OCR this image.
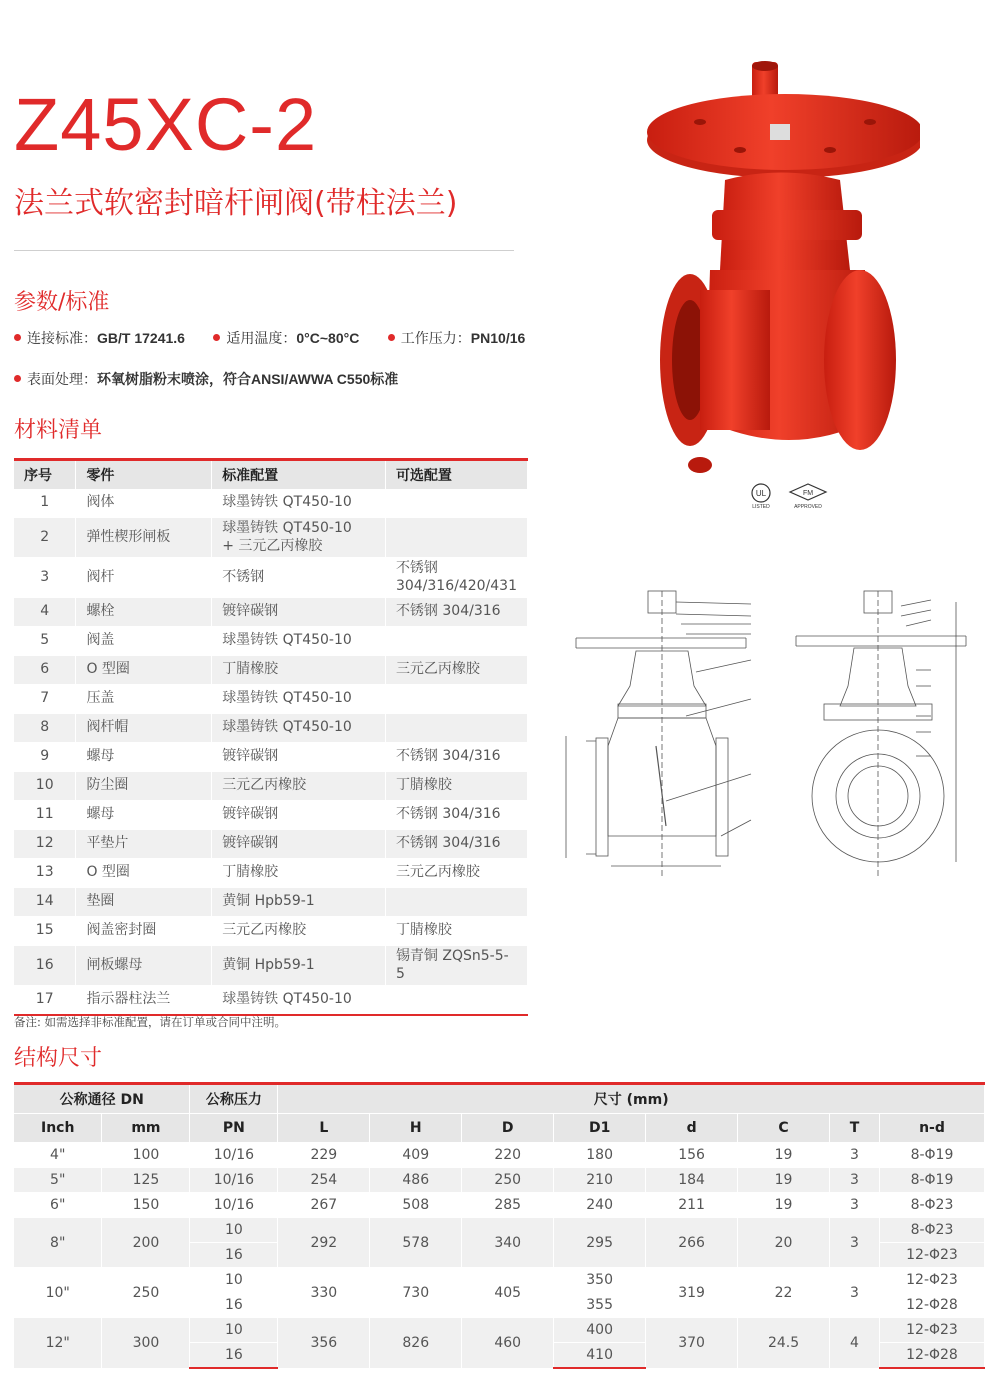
Z45XC-2
法兰式软密封暗杆闸阀(带柱法兰)
参数/标准
连接标准：GB/T 17241.6	适用温度：0°C~80°C	工作压力：PN10/16
表面处理：环氧树脂粉末喷涂，符合ANSI/AWWA C550标准
材料清单
序号	零件	标准配置	可选配置
1	阀体	球墨铸铁 QT450-10	
2	弹性楔形闸板	球墨铸铁 QT450-10
+ 三元乙丙橡胶	
3	阀杆	不锈钢	不锈钢
304/316/420/431
4	螺栓	镀锌碳钢	不锈钢 304/316
5	阀盖	球墨铸铁 QT450-10	
6	O 型圈	丁腈橡胶	三元乙丙橡胶
7	压盖	球墨铸铁 QT450-10	
8	阀杆帽	球墨铸铁 QT450-10	
9	螺母	镀锌碳钢	不锈钢 304/316
10	防尘圈	三元乙丙橡胶	丁腈橡胶
11	螺母	镀锌碳钢	不锈钢 304/316
12	平垫片	镀锌碳钢	不锈钢 304/316
13	O 型圈	丁腈橡胶	三元乙丙橡胶
14	垫圈	黄铜 Hpb59-1	
15	阀盖密封圈	三元乙丙橡胶	丁腈橡胶
16	闸板螺母	黄铜 Hpb59-1	锡青铜 ZQSn5-5-5
17	指示器柱法兰	球墨铸铁 QT450-10	
备注: 如需选择非标准配置，请在订单或合同中注明。
结构尺寸
公称通径 DN		公称压力	尺寸 (mm)							
Inch	mm	PN	L	H	D	D1	d	C	T	n-d
4"	100	10/16	229	409	220	180	156	19	3	8-Φ19
5"	125	10/16	254	486	250	210	184	19	3	8-Φ19
6"	150	10/16	267	508	285	240	211	19	3	8-Φ23
8"	200	10	292	578	340	295	266	20	3	8-Φ23
		16								12-Φ23
10"	250	10	330	730	405	350	319	22	3	12-Φ23
		16				355				12-Φ28
12"	300	10	356	826	460	400	370	24.5	4	12-Φ23
		16				410				12-Φ28
UL
LISTED
FM
APPROVED
